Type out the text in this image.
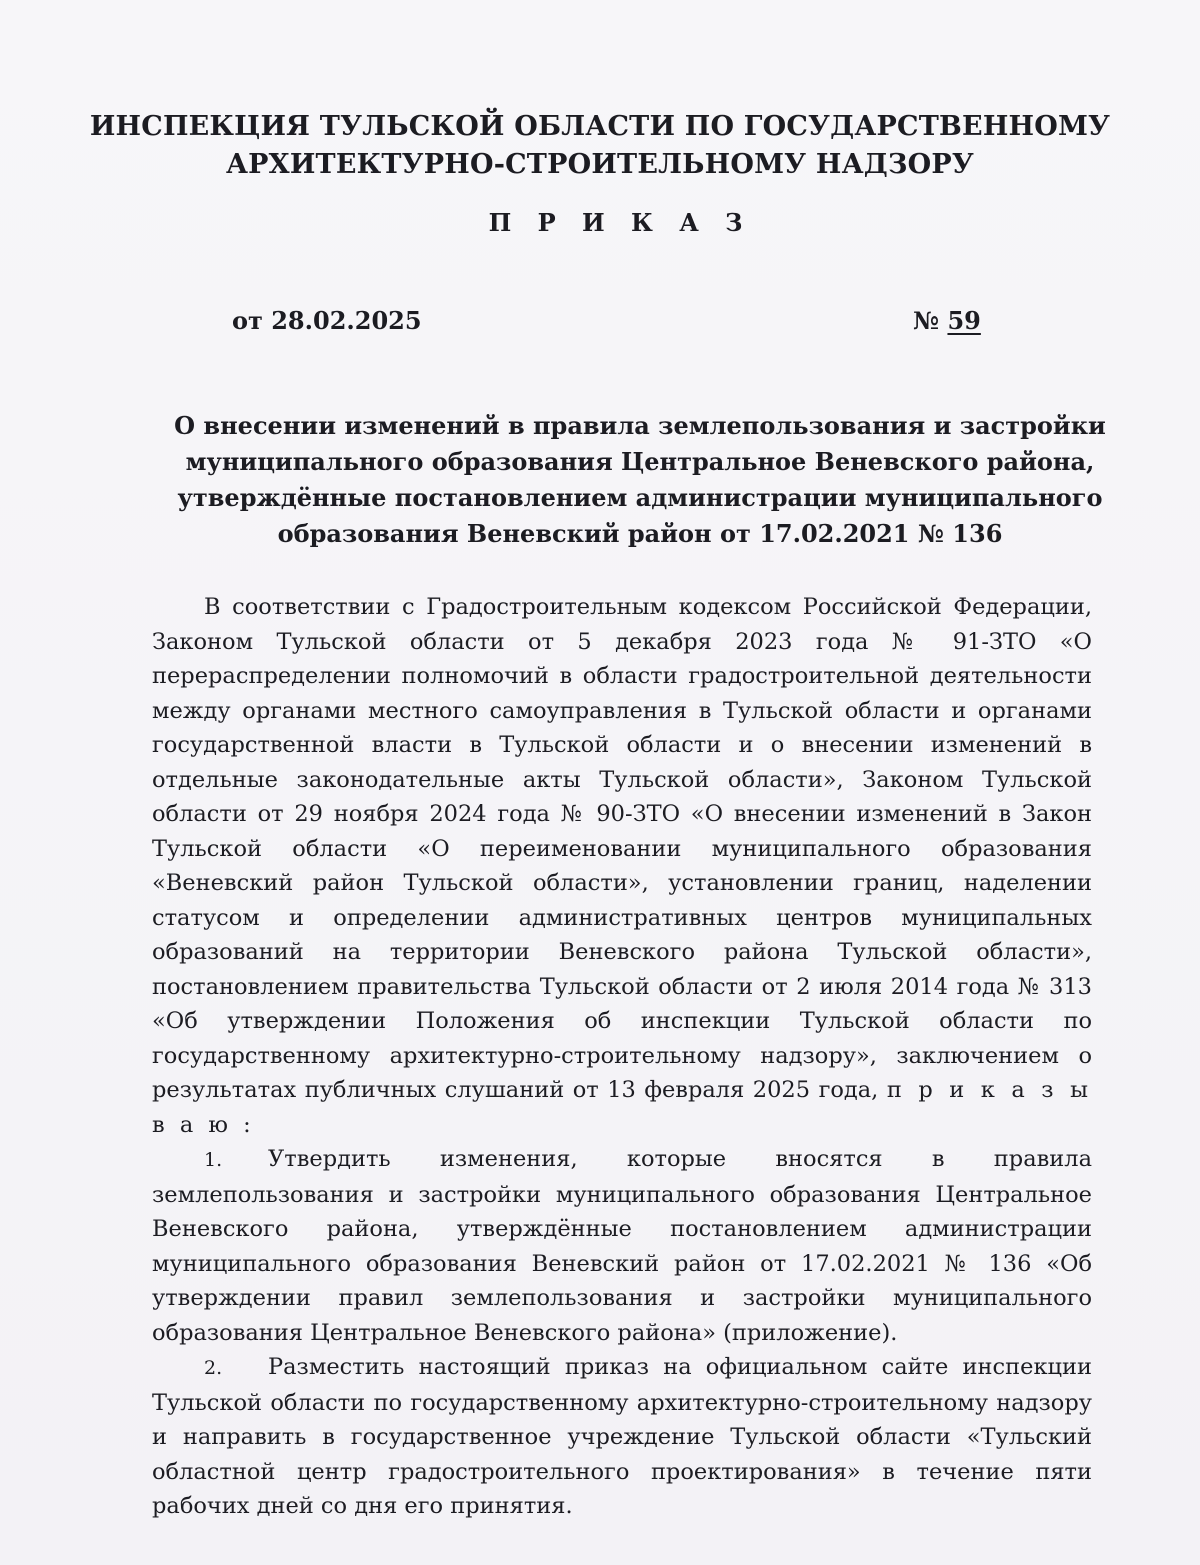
ИНСПЕКЦИЯ ТУЛЬСКОЙ ОБЛАСТИ ПО ГОСУДАРСТВЕННОМУ
АРХИТЕКТУРНО-СТРОИТЕЛЬНОМУ НАДЗОРУ
П Р И К А З
от 28.02.2025	№ 59
О внесении изменений в правила землепользования и застройки
муниципального образования Центральное Веневского района,
утверждённые постановлением администрации муниципального
образования Веневский район от 17.02.2021 № 136

В соответствии с Градостроительным кодексом Российской Федерации, Законом Тульской области от 5 декабря 2023 года № 91-ЗТО «О перераспределении полномочий в области градостроительной деятельности между органами местного самоуправления в Тульской области и органами государственной власти в Тульской области и о внесении изменений в отдельные законодательные акты Тульской области», Законом Тульской области от 29 ноября 2024 года № 90-ЗТО «О внесении изменений в Закон Тульской области «О переименовании муниципального образования «Веневский район Тульской области», установлении границ, наделении статусом и определении административных центров муниципальных образований на территории Веневского района Тульской области», постановлением правительства Тульской области от 2 июля 2014 года № 313 «Об утверждении Положения об инспекции Тульской области по государственному архитектурно-строительному надзору», заключением о результатах публичных слушаний от 13 февраля 2025 года, п р и к а з ы в а ю :

1. Утвердить изменения, которые вносятся в правила землепользования и застройки муниципального образования Центральное Веневского района, утверждённые постановлением администрации муниципального образования Веневский район от 17.02.2021 № 136 «Об утверждении правил землепользования и застройки муниципального образования Центральное Веневского района» (приложение).

2. Разместить настоящий приказ на официальном сайте инспекции Тульской области по государственному архитектурно-строительному надзору и направить в государственное учреждение Тульской области «Тульский областной центр градостроительного проектирования» в течение пяти рабочих дней со дня его принятия.
